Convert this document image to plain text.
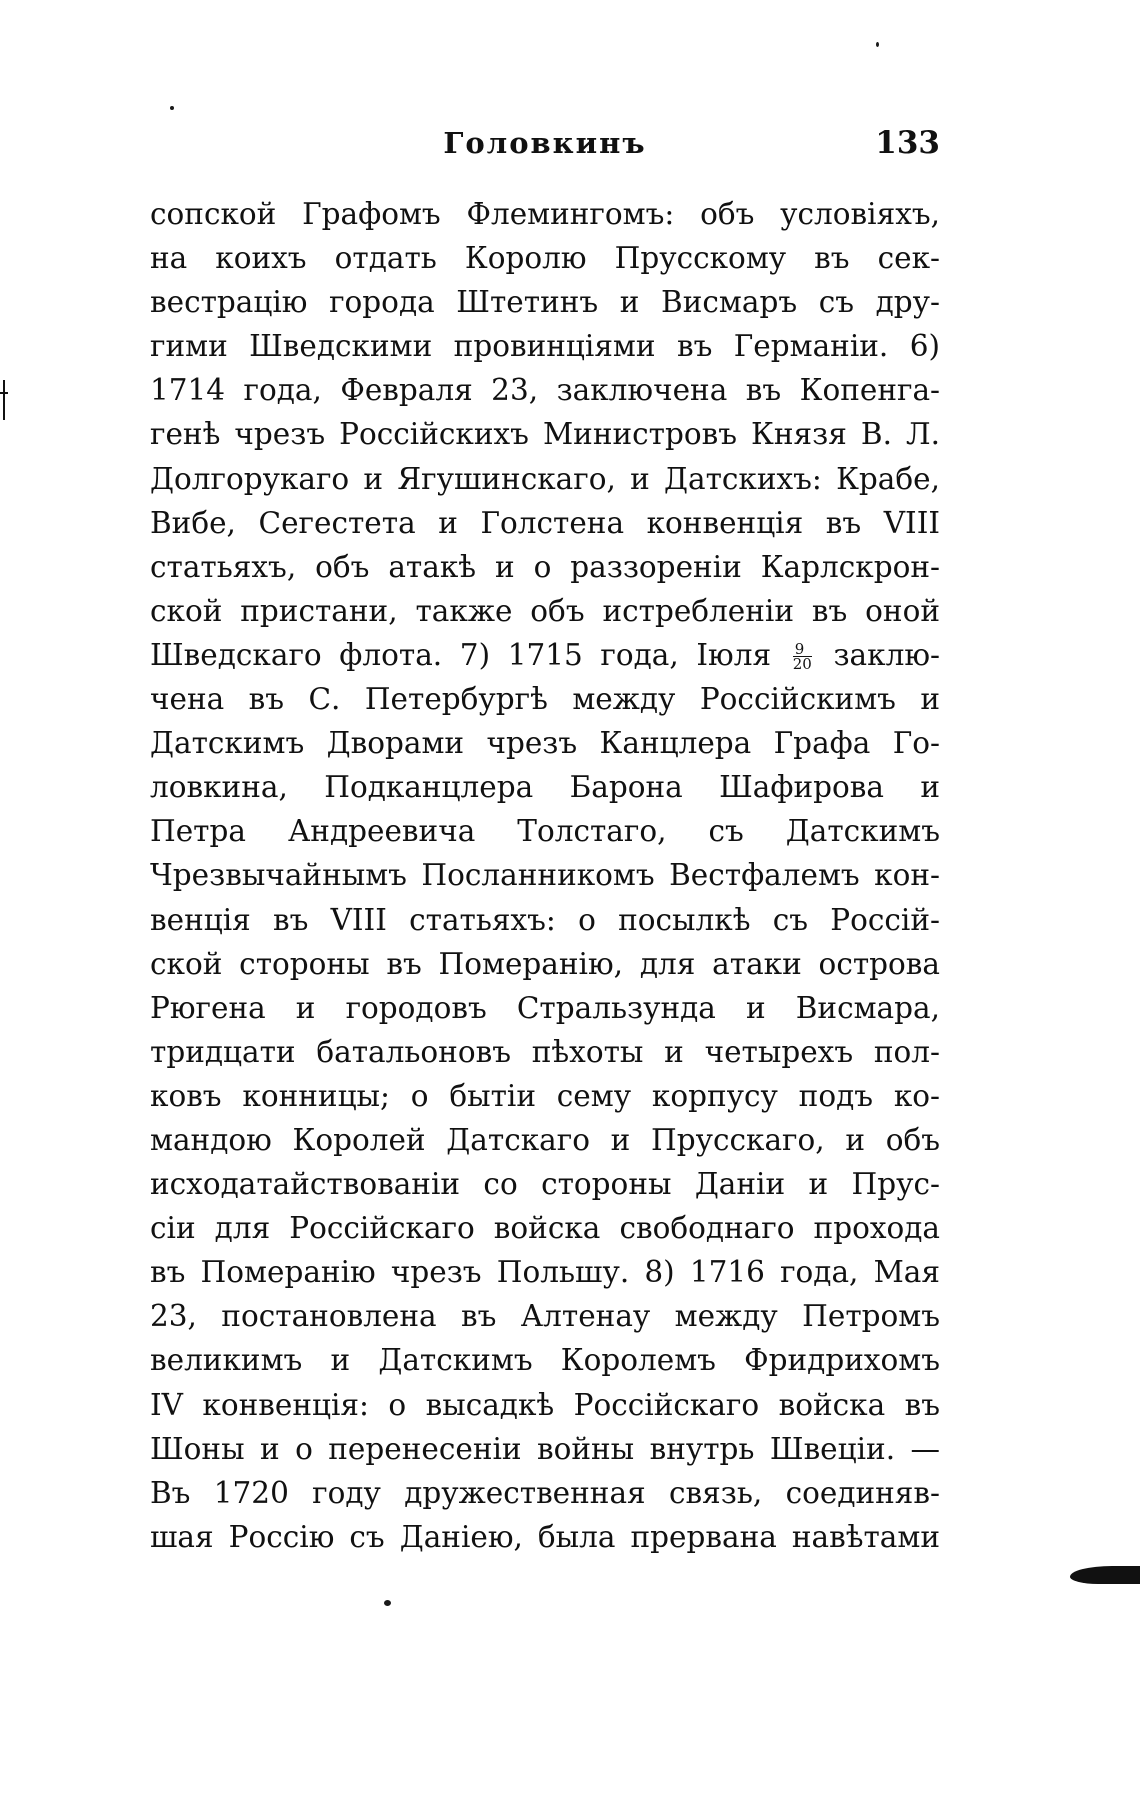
Головкинъ	133
сопской Графомъ Флемингомъ: объ условіяхъ,
на коихъ отдать Королю Прусскому въ сек-
вестрацію города Штетинъ и Висмаръ съ дру-
гими Шведскими провинціями въ Германіи. 6)
1714 года, Февраля 23, заключена въ Копенга-
генѣ чрезъ Россійскихъ Министровъ Князя В. Л.
Долгорукаго и Ягушинскаго, и Датскихъ: Крабе,
Вибе, Сегестета и Голстена конвенція въ VIII
статьяхъ, объ атакѣ и о раззореніи Карлскрон-
ской пристани, также объ истребленіи въ оной
Шведскаго флота. 7) 1715 года, Іюля $\frac{9}{20}$ заклю-
чена въ С. Петербургѣ между Россійскимъ и
Датскимъ Дворами чрезъ Канцлера Графа Го-
ловкина, Подканцлера Барона Шафирова и
Петра Андреевича Толстаго, съ Датскимъ
Чрезвычайнымъ Посланникомъ Вестфалемъ кон-
венція въ VIII статьяхъ: о посылкѣ съ Россій-
ской стороны въ Померанію, для атаки острова
Рюгена и городовъ Стральзунда и Висмара,
тридцати батальоновъ пѣхоты и четырехъ пол-
ковъ конницы; о бытіи сему корпусу подъ ко-
мандою Королей Датскаго и Прусскаго, и объ
исходатайствованіи со стороны Даніи и Прус-
сіи для Россійскаго войска свободнаго прохода
въ Померанію чрезъ Польшу. 8) 1716 года, Мая
23, постановлена въ Алтенау между Петромъ
великимъ и Датскимъ Королемъ Фридрихомъ
IV конвенція: о высадкѣ Россійскаго войска въ
Шоны и о перенесеніи войны внутрь Швеціи. —
Въ 1720 году дружественная связь, соединяв-
шая Россію съ Даніею, была прервана навѣтами
